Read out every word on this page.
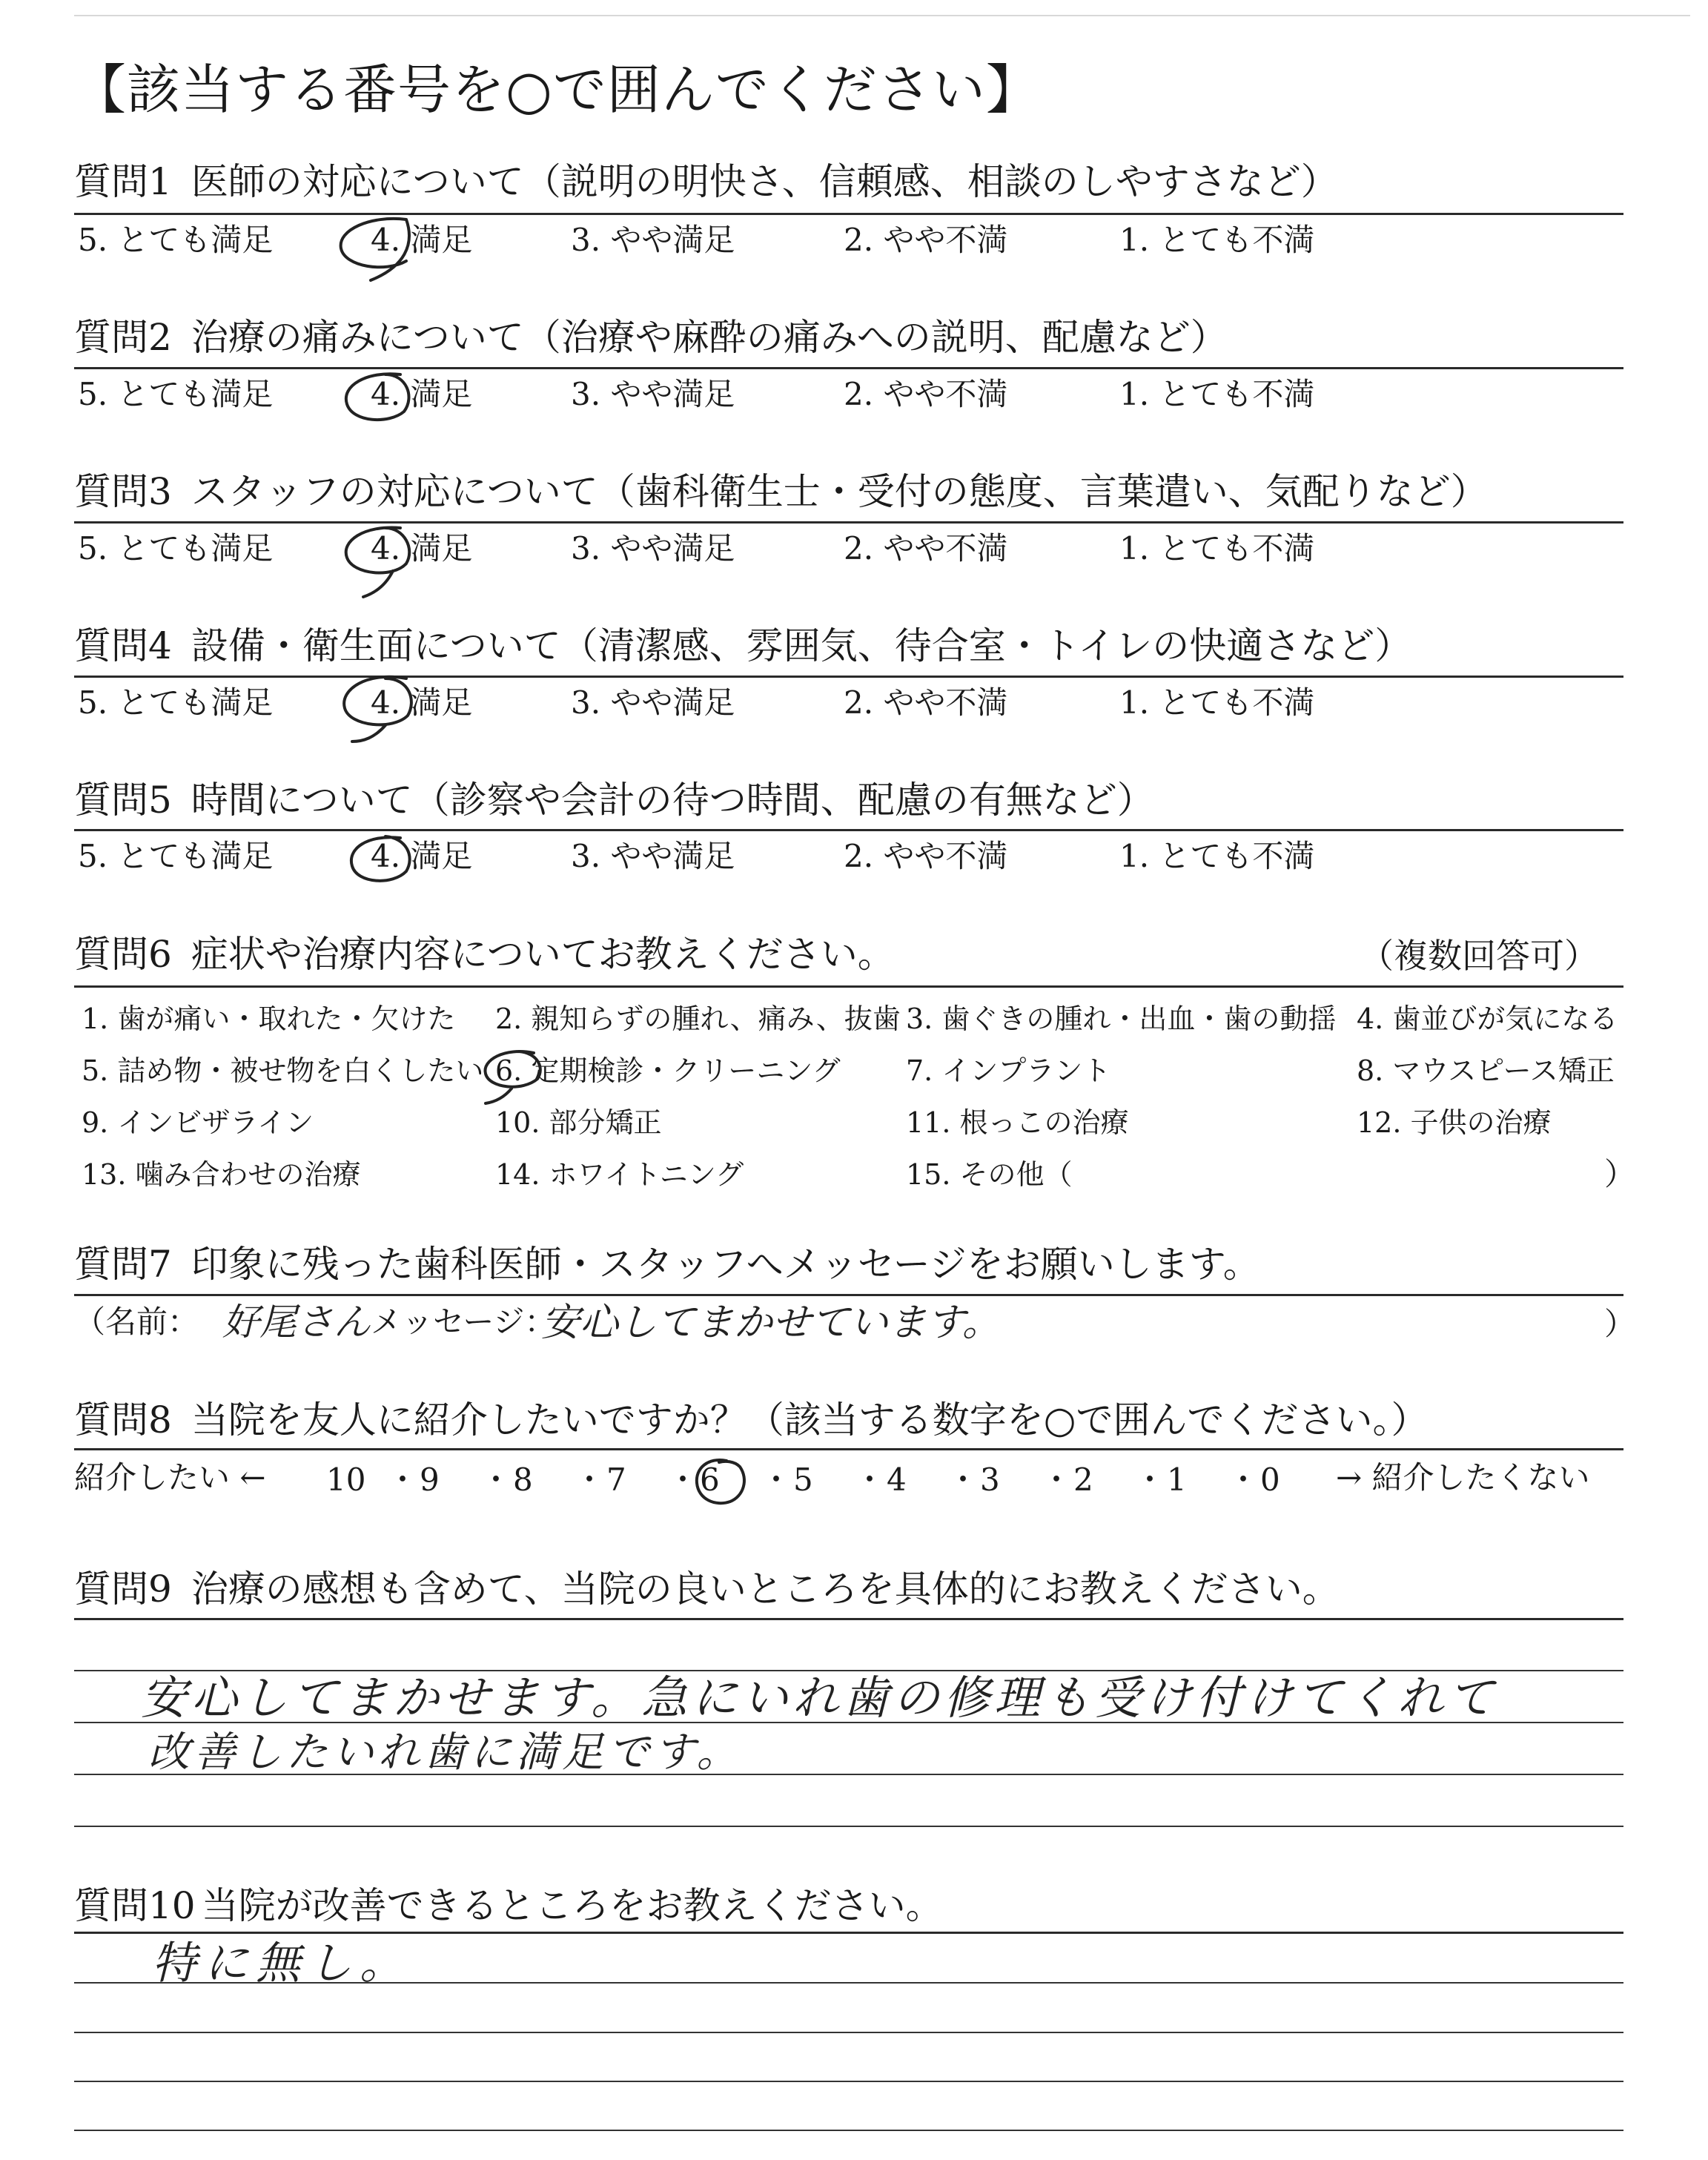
【該当する番号を○で囲んでください】
質問1 医師の対応について（説明の明快さ、信頼感、相談のしやすさなど）
5. とても満足	4. 満足	3. やや満足	2. やや不満	1. とても不満
質問2 治療の痛みについて（治療や麻酔の痛みへの説明、配慮など）
5. とても満足	4. 満足	3. やや満足	2. やや不満	1. とても不満
質問3 スタッフの対応について（歯科衛生士・受付の態度、言葉遣い、気配りなど）
5. とても満足	4. 満足	3. やや満足	2. やや不満	1. とても不満
質問4 設備・衛生面について（清潔感、雰囲気、待合室・トイレの快適さなど）
5. とても満足	4. 満足	3. やや満足	2. やや不満	1. とても不満
質問5 時間について（診察や会計の待つ時間、配慮の有無など）
5. とても満足	4. 満足	3. やや満足	2. やや不満	1. とても不満
質問6 症状や治療内容についてお教えください。	（複数回答可）
1. 歯が痛い・取れた・欠けた 2. 親知らずの腫れ、痛み、抜歯 3. 歯ぐきの腫れ・出血・歯の動揺 4. 歯並びが気になる
5. 詰め物・被せ物を白くしたい 6. 定期検診・クリーニング 7. インプラント	8. マウスピース矯正
9. インビザライン	10. 部分矯正	11. 根っこの治療	12. 子供の治療
13. 噛み合わせの治療	14. ホワイトニング	15. その他（	）
質問7 印象に残った歯科医師・スタッフへメッセージをお願いします。
（名前： 好尾さん メッセージ：
安心してまかせています。	）
質問8 当院を友人に紹介したいですか？（該当する数字を○で囲んでください。）
紹介したい ← 10 ・ 9 ・ 8 ・ 7 ・ 6 ・ 5 ・ 4 ・ 3 ・ 2 ・ 1 ・ 0 → 紹介したくない
質問9 治療の感想も含めて、当院の良いところを具体的にお教えください。
安心してまかせます。急にいれ歯の修理も受け付けてくれて
改善したいれ歯に満足です。
質問10 当院が改善できるところをお教えください。
特に無し。
